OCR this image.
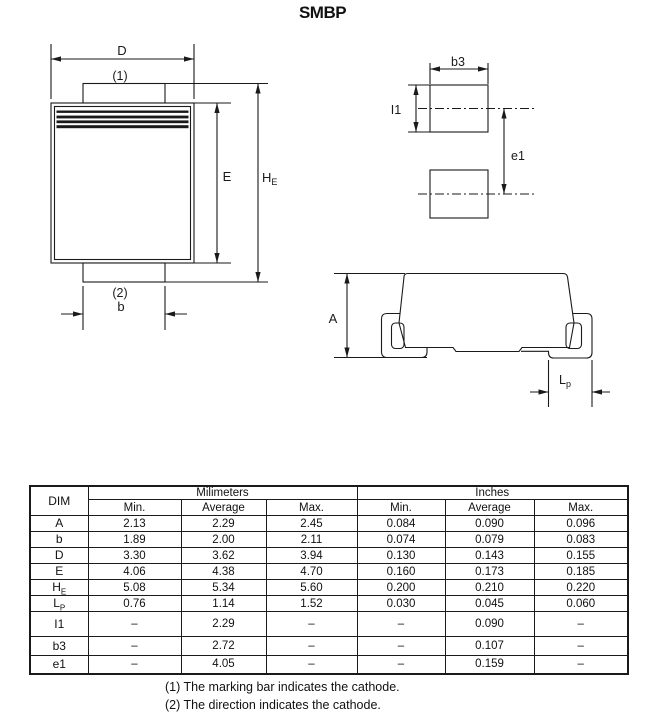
SMBP
D
(1)
E $H_E$
(2)
b
b3
I1
e1
A
$L_p$
DIM	Milimeters			Inches		
	Min.	Average	Max.	Min.	Average	Max.
A	2.13	2.29	2.45	0.084	0.090	0.096
b	1.89	2.00	2.11	0.074	0.079	0.083
D	3.30	3.62	3.94	0.130	0.143	0.155
E	4.06	4.38	4.70	0.160	0.173	0.185
$H_E$	5.08	5.34	5.60	0.200	0.210	0.220
$L_P$	0.76	1.14	1.52	0.030	0.045	0.060
I1	–	2.29	–	–	0.090	–
b3	–	2.72	–	–	0.107	–
e1	–	4.05	–	–	0.159	–
(1) The marking bar indicates the cathode.
(2) The direction indicates the cathode.
